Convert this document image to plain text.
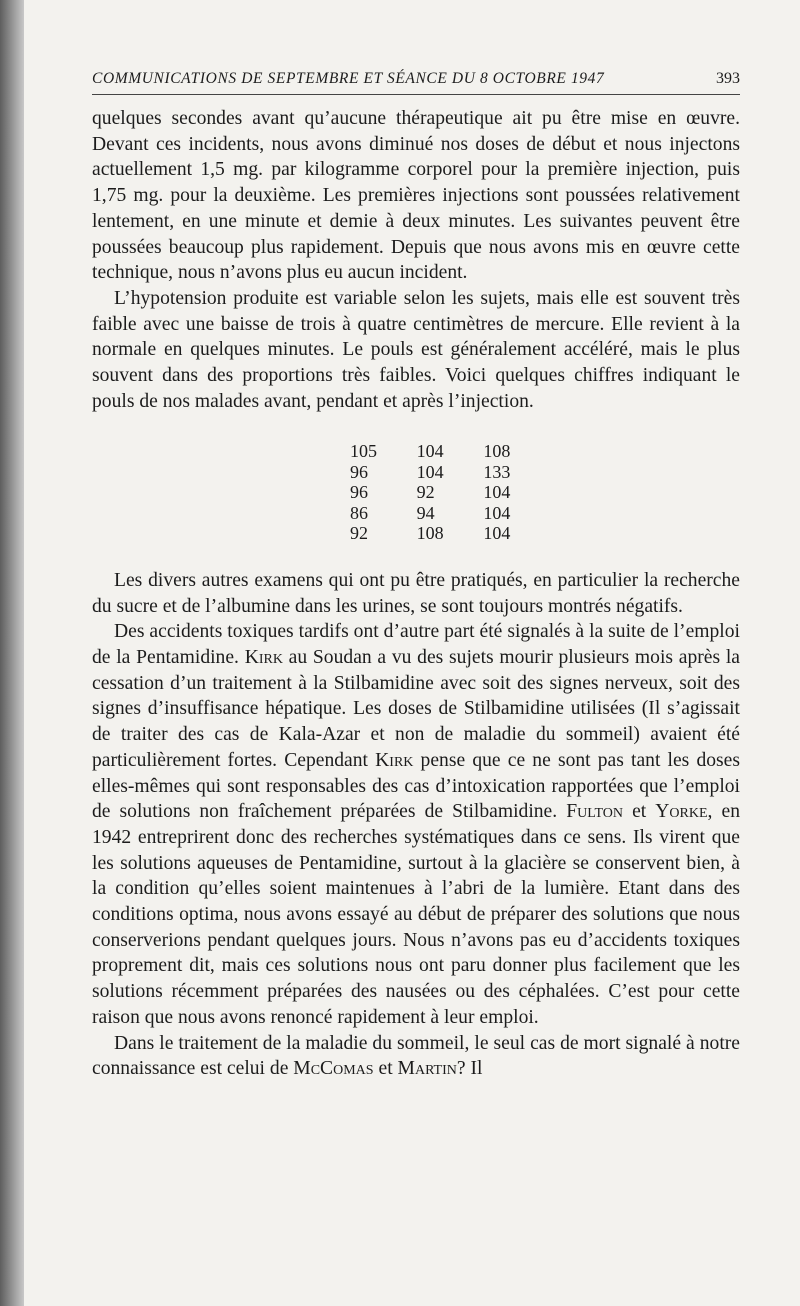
COMMUNICATIONS DE SEPTEMBRE ET SÉANCE DU 8 OCTOBRE 1947	393

quelques secondes avant qu’aucune thérapeutique ait pu être mise en œuvre. Devant ces incidents, nous avons diminué nos doses de début et nous injectons actuellement 1,5 mg. par kilogramme corporel pour la première injection, puis 1,75 mg. pour la deuxième. Les premières injections sont poussées relativement lentement, en une minute et demie à deux minutes. Les suivantes peuvent être poussées beaucoup plus rapidement. Depuis que nous avons mis en œuvre cette technique, nous n’avons plus eu aucun incident.

L’hypotension produite est variable selon les sujets, mais elle est souvent très faible avec une baisse de trois à quatre centimètres de mercure. Elle revient à la normale en quelques minutes. Le pouls est généralement accéléré, mais le plus souvent dans des proportions très faibles. Voici quelques chiffres indiquant le pouls de nos malades avant, pendant et après l’injection.

105	104	108
96	104	133
96	92	104
86	94	104
92	108	104

Les divers autres examens qui ont pu être pratiqués, en particulier la recherche du sucre et de l’albumine dans les urines, se sont toujours montrés négatifs.

Des accidents toxiques tardifs ont d’autre part été signalés à la suite de l’emploi de la Pentamidine. Kirk au Soudan a vu des sujets mourir plusieurs mois après la cessation d’un traitement à la Stilbamidine avec soit des signes nerveux, soit des signes d’insuffisance hépatique. Les doses de Stilbamidine utilisées (Il s’agissait de traiter des cas de Kala-Azar et non de maladie du sommeil) avaient été particulièrement fortes. Cependant Kirk pense que ce ne sont pas tant les doses elles-mêmes qui sont responsables des cas d’intoxication rapportées que l’emploi de solutions non fraîchement préparées de Stilbamidine. Fulton et Yorke, en 1942 entreprirent donc des recherches systématiques dans ce sens. Ils virent que les solutions aqueuses de Pentamidine, surtout à la glacière se conservent bien, à la condition qu’elles soient maintenues à l’abri de la lumière. Etant dans des conditions optima, nous avons essayé au début de préparer des solutions que nous conserverions pendant quelques jours. Nous n’avons pas eu d’accidents toxiques proprement dit, mais ces solutions nous ont paru donner plus facilement que les solutions récemment préparées des nausées ou des céphalées. C’est pour cette raison que nous avons renoncé rapidement à leur emploi.

Dans le traitement de la maladie du sommeil, le seul cas de mort signalé à notre connaissance est celui de McComas et Martin? Il
